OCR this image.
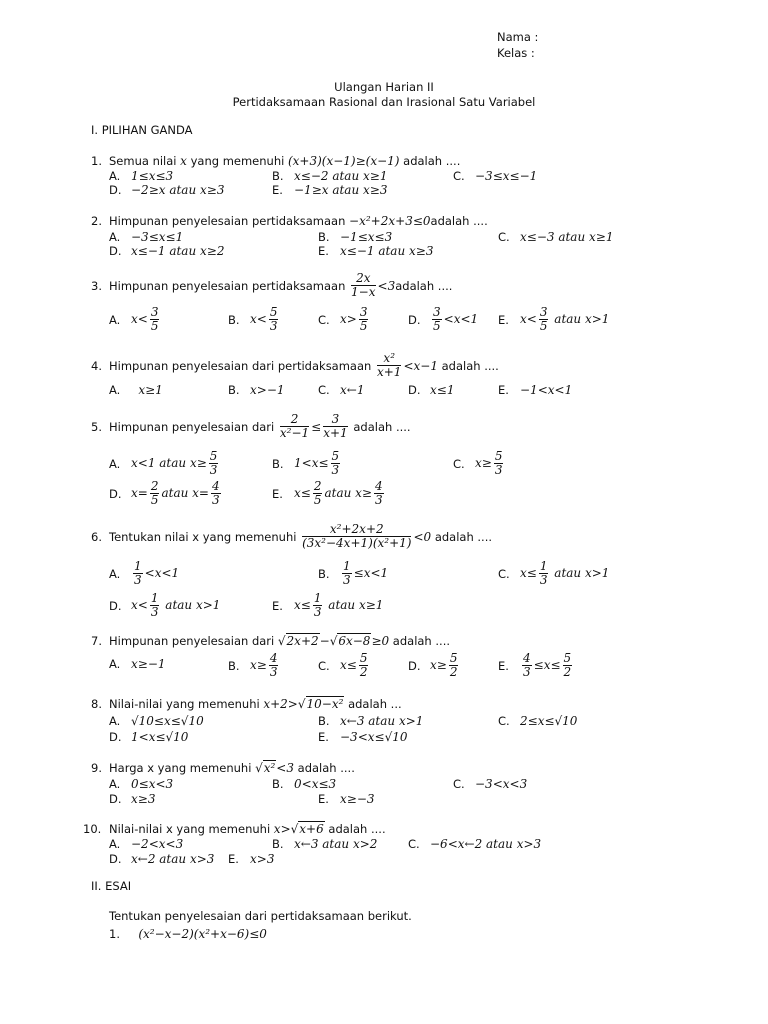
Nama :
Kelas :
Ulangan Harian II
Pertidaksamaan Rasional dan Irasional Satu Variabel
I. PILIHAN GANDA
1. Semua nilai
x
yang memenuhi
(x+3)(x−1)≥(x−1)
adalah ....
A. 1≤x≤3	B. x≤−2 atau x≥1	C. −3≤x≤−1
D. −2≥x atau x≥3	E. −1≥x atau x≥3
2. Himpunan penyelesaian pertidaksamaan
−x²+2x+3≤0 adalah ....
A. −3≤x≤1	B. −1≤x≤3	C. x≤−3 atau x≥1
D. x≤−1 atau x≥2	E. x≤−1 atau x≥3
3. Himpunan penyelesaian pertidaksamaan

2x
1−x <3 adalah ....
A. $x< \frac{3}{5}$	B. $x< \frac{5}{3}$	C. $x> \frac{3}{5}$	D. $\frac{3}{5} <x<1$ E. $x< \frac{3}{5}$ atau x>1
4. Himpunan penyelesaian dari pertidaksamaan

x²
x+1 <x−1
adalah ....
A.
	x≥1	B. x>−1	C. x←1	D. x≤1	E. −1<x<1
5. Himpunan penyelesaian dari
$\frac{2}{\text{x²−1}} \le \frac{3}{x+1}$
adalah ....
A. x<1 atau $x\ge \frac{5}{3}$	B. $1<x\le \frac{5}{3}$	C. $x\ge \frac{5}{3}$
D. $x= \frac{2}{5}$ atau $x= \frac{4}{3}$	E. $x\le \frac{2}{5}$ atau $x\ge \frac{4}{3}$
6. Tentukan nilai x yang memenuhi

x²+2x+2
(3x²−4x+1)(x²+1) <0
adalah ....
A.	$\frac{1}{3} <x<1$	B.	$\frac{1}{3} \le x<1$	C. $x\le \frac{1}{3}$ atau x>1
D. $x< \frac{1}{3}$ atau x>1	E. $x\le \frac{1}{3}$ atau x≥1
7. Himpunan penyelesaian dari
√2x+2−√6x−8≥0
adalah ....
A. x≥−1	B. $x\ge \frac{4}{3}$	C. $x\le \frac{5}{2}$	D. $x\ge \frac{5}{2}$	E.	$\frac{4}{3} \le x\le \frac{5}{2}$
8. Nilai-nilai yang memenuhi
x+2>√10−x²
adalah ...
A. √10≤x≤√10	B. x←3 atau x>1	C. 2≤x≤√10
D. 1<x≤√10	E. −3<x≤√10
9. Harga x yang memenuhi
√x²<3
adalah ....
A. 0≤x<3	B. 0<x≤3	C. −3<x<3
D. x≥3	E. x≥−3
10. Nilai-nilai x yang memenuhi
x>√x+6
adalah ....
A. −2<x<3	B. x←3 atau x>2	C. −6<x←2 atau x>3
D. x←2 atau x>3 E. x>3
II. ESAI
Tentukan penyelesaian dari pertidaksamaan berikut.
1.
	(x²−x−2)(x²+x−6)≤0
